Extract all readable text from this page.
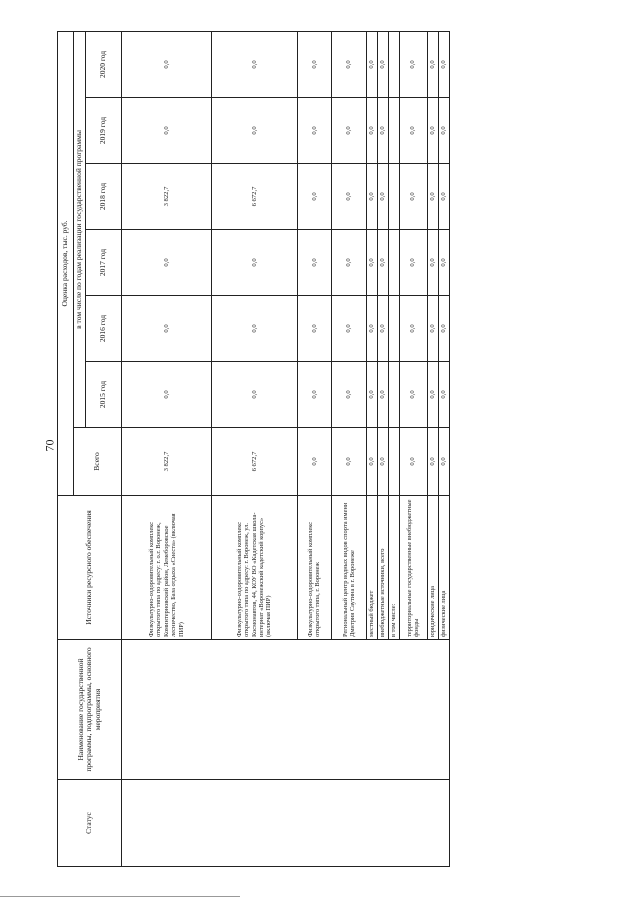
70
Статус	Наименование государственной программы, подпрограммы, основного мероприятия	Источники ресурсного обеспечения	Оценка расходов, тыс. руб.						
			Всего	в том числе по годам реализации государственной программы					
				2015 год	2016 год	2017 год	2018 год	2019 год	2020 год
		Физкультурно-оздоровительный комплекс открытого типа по адресу: г. о.г. Воронеж, Коминтерновский район, Лемеборовское лесничество, База отдыха «Сиеста» (включая ПИР)	3 822,7	0,0	0,0	0,0	3 822,7	0,0	0,0
		Физкультурно-оздоровительный комплекс открытого типа по адресу: г. Воронеж, ул. Космонавтов, 44, КОУ ВО «Кадетская школа-интернат «Воронежский кадетский корпус» (включая ПИР)	6 672,7	0,0	0,0	0,0	6 672,7	0,0	0,0
		Физкультурно-оздоровительный комплекс открытого типа, г. Воронеж	0,0	0,0	0,0	0,0	0,0	0,0	0,0
		Региональный центр водных видов спорта имени Дмитрия Саутина в г. Воронеже	0,0	0,0	0,0	0,0	0,0	0,0	0,0
		местный бюджет	0,0	0,0	0,0	0,0	0,0	0,0	0,0
		внебюджетные источники, всего	0,0	0,0	0,0	0,0	0,0	0,0	0,0
		в том числе:							
		территориальные государственные внебюджетные фонды	0,0	0,0	0,0	0,0	0,0	0,0	0,0
		юридические лица	0,0	0,0	0,0	0,0	0,0	0,0	0,0
		физические лица	0,0	0,0	0,0	0,0	0,0	0,0	0,0
